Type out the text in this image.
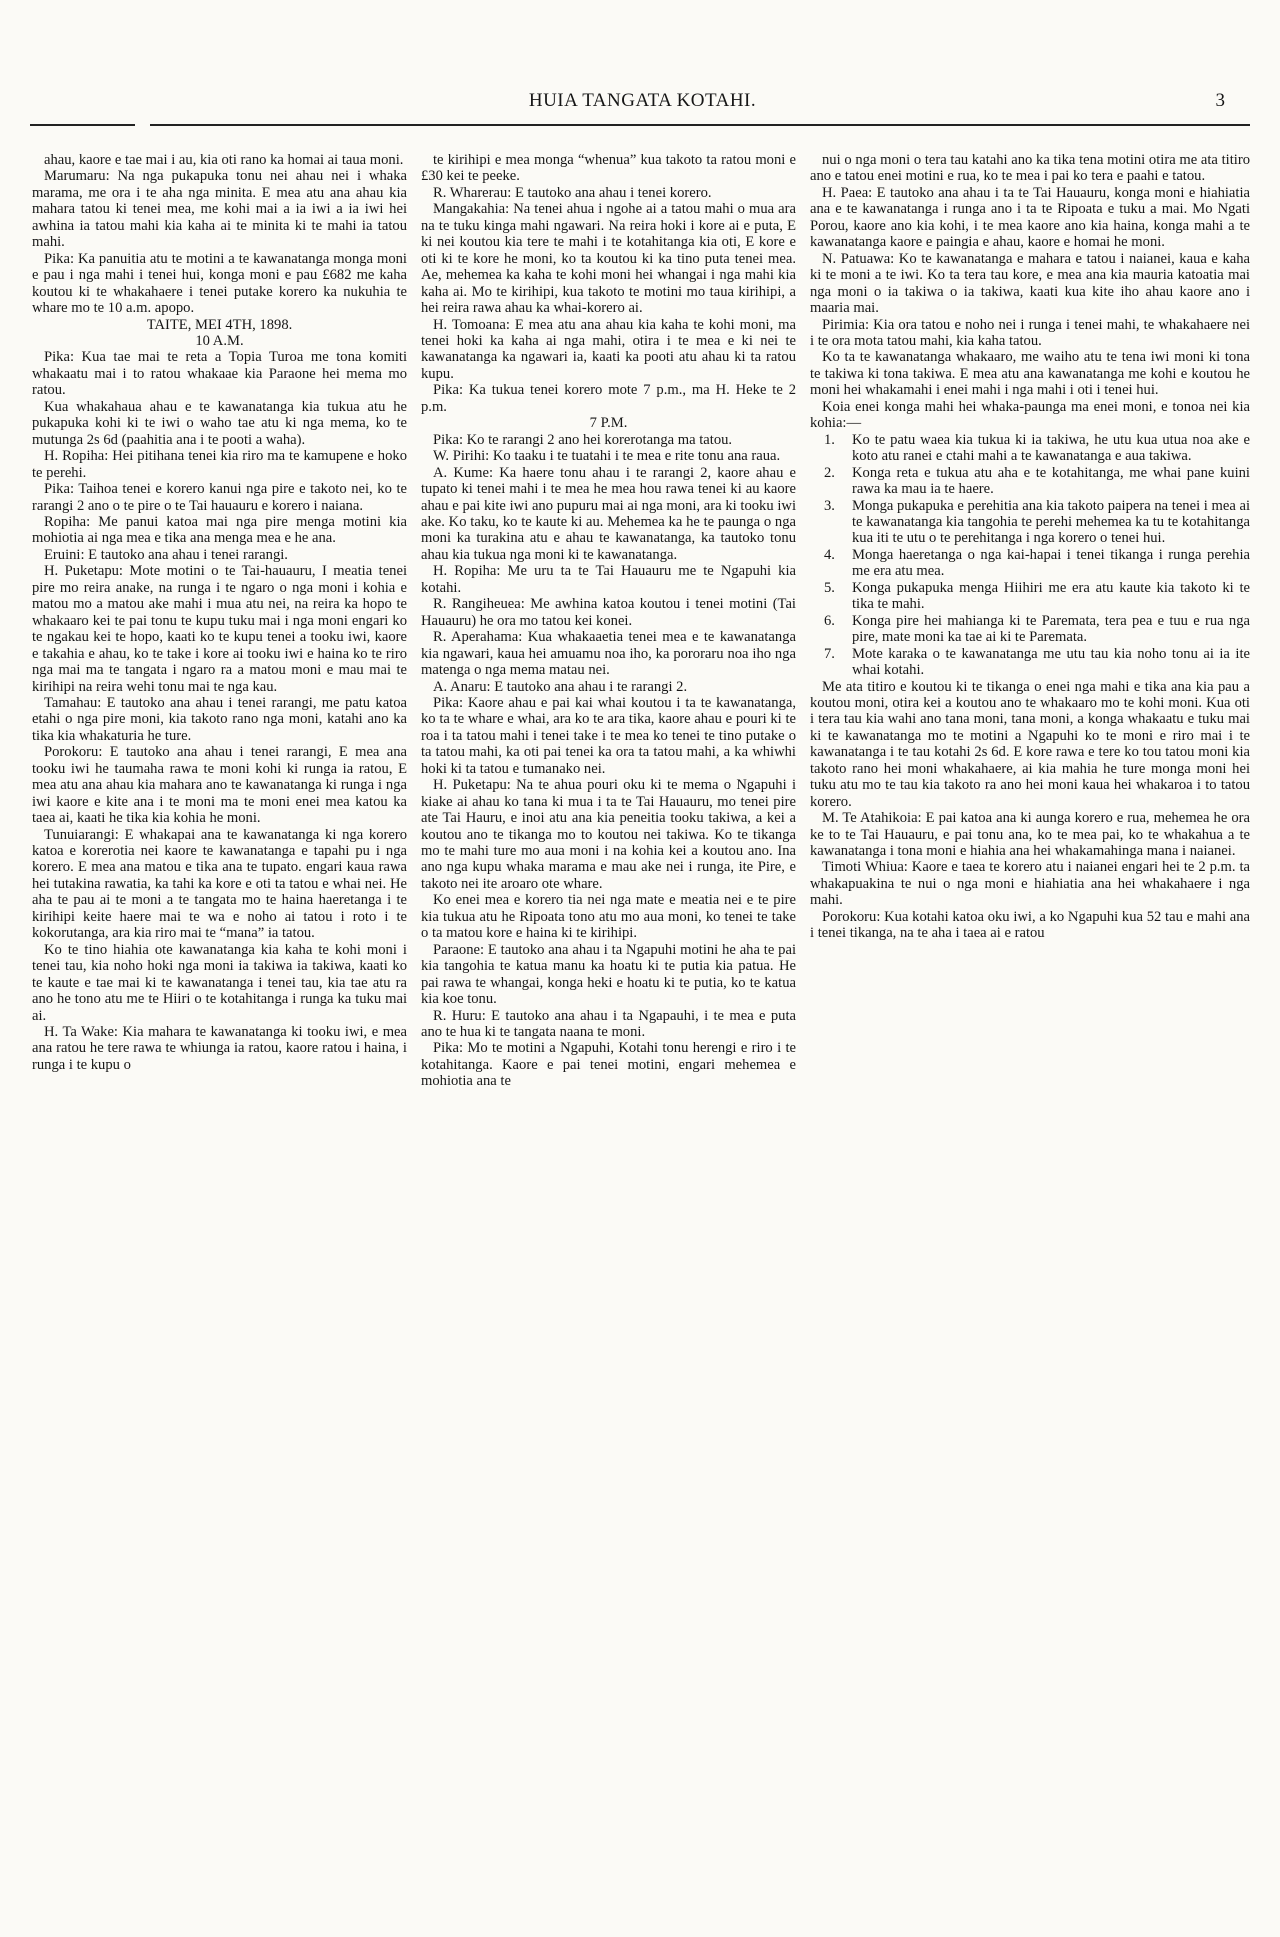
HUIA TANGATA KOTAHI.	3

ahau, kaore e tae mai i au, kia oti rano ka homai ai taua moni.

Marumaru: Na nga pukapuka tonu nei ahau nei i whaka marama, me ora i te aha nga minita. E mea atu ana ahau kia mahara tatou ki tenei mea, me kohi mai a ia iwi a ia iwi hei awhina ia tatou mahi kia kaha ai te minita ki te mahi ia tatou mahi.

Pika: Ka panuitia atu te motini a te kawanatanga monga moni e pau i nga mahi i tenei hui, konga moni e pau £682 me kaha koutou ki te whakahaere i tenei putake korero ka nukuhia te whare mo te 10 a.m. apopo.

TAITE, MEI 4TH, 1898.

10 A.M.

Pika: Kua tae mai te reta a Topia Turoa me tona komiti whakaatu mai i to ratou whakaae kia Paraone hei mema mo ratou.

Kua whakahaua ahau e te kawanatanga kia tukua atu he pukapuka kohi ki te iwi o waho tae atu ki nga mema, ko te mutunga 2s 6d (paahitia ana i te pooti a waha).

H. Ropiha: Hei pitihana tenei kia riro ma te kamupene e hoko te perehi.

Pika: Taihoa tenei e korero kanui nga pire e takoto nei, ko te rarangi 2 ano o te pire o te Tai hauauru e korero i naiana.

Ropiha: Me panui katoa mai nga pire menga motini kia mohiotia ai nga mea e tika ana menga mea e he ana.

Eruini: E tautoko ana ahau i tenei rarangi.

H. Puketapu: Mote motini o te Tai-hauauru, I meatia tenei pire mo reira anake, na runga i te ngaro o nga moni i kohia e matou mo a matou ake mahi i mua atu nei, na reira ka hopo te whakaaro kei te pai tonu te kupu tuku mai i nga moni engari ko te ngakau kei te hopo, kaati ko te kupu tenei a tooku iwi, kaore e takahia e ahau, ko te take i kore ai tooku iwi e haina ko te riro nga mai ma te tangata i ngaro ra a matou moni e mau mai te kirihipi na reira wehi tonu mai te nga kau.

Tamahau: E tautoko ana ahau i tenei rarangi, me patu katoa etahi o nga pire moni, kia takoto rano nga moni, katahi ano ka tika kia whakaturia he ture.

Porokoru: E tautoko ana ahau i tenei rarangi, E mea ana tooku iwi he taumaha rawa te moni kohi ki runga ia ratou, E mea atu ana ahau kia mahara ano te kawanatanga ki runga i nga iwi kaore e kite ana i te moni ma te moni enei mea katou ka taea ai, kaati he tika kia kohia he moni.

Tunuiarangi: E whakapai ana te kawanatanga ki nga korero katoa e korerotia nei kaore te kawanatanga e tapahi pu i nga korero. E mea ana matou e tika ana te tupato. engari kaua rawa hei tutakina rawatia, ka tahi ka kore e oti ta tatou e whai nei. He aha te pau ai te moni a te tangata mo te haina haeretanga i te kirihipi keite haere mai te wa e noho ai tatou i roto i te kokorutanga, ara kia riro mai te “mana” ia tatou.

Ko te tino hiahia ote kawanatanga kia kaha te kohi moni i tenei tau, kia noho hoki nga moni ia takiwa ia takiwa, kaati ko te kaute e tae mai ki te kawanatanga i tenei tau, kia tae atu ra ano he tono atu me te Hiiri o te kotahitanga i runga ka tuku mai ai.

H. Ta Wake: Kia mahara te kawanatanga ki tooku iwi, e mea ana ratou he tere rawa te whiunga ia ratou, kaore ratou i haina, i runga i te kupu o

te kirihipi e mea monga “whenua” kua takoto ta ratou moni e £30 kei te peeke.

R. Wharerau: E tautoko ana ahau i tenei korero.

Mangakahia: Na tenei ahua i ngohe ai a tatou mahi o mua ara na te tuku kinga mahi ngawari. Na reira hoki i kore ai e puta, E ki nei koutou kia tere te mahi i te kotahitanga kia oti, E kore e oti ki te kore he moni, ko ta koutou ki ka tino puta tenei mea. Ae, mehemea ka kaha te kohi moni hei whangai i nga mahi kia kaha ai. Mo te kirihipi, kua takoto te motini mo taua kirihipi, a hei reira rawa ahau ka whai-korero ai.

H. Tomoana: E mea atu ana ahau kia kaha te kohi moni, ma tenei hoki ka kaha ai nga mahi, otira i te mea e ki nei te kawanatanga ka ngawari ia, kaati ka pooti atu ahau ki ta ratou kupu.

Pika: Ka tukua tenei korero mote 7 p.m., ma H. Heke te 2 p.m.

7 P.M.

Pika: Ko te rarangi 2 ano hei korerotanga ma tatou.

W. Pirihi: Ko taaku i te tuatahi i te mea e rite tonu ana raua.

A. Kume: Ka haere tonu ahau i te rarangi 2, kaore ahau e tupato ki tenei mahi i te mea he mea hou rawa tenei ki au kaore ahau e pai kite iwi ano pupuru mai ai nga moni, ara ki tooku iwi ake. Ko taku, ko te kaute ki au. Mehemea ka he te paunga o nga moni ka turakina atu e ahau te kawanatanga, ka tautoko tonu ahau kia tukua nga moni ki te kawanatanga.

H. Ropiha: Me uru ta te Tai Hauauru me te Ngapuhi kia kotahi.

R. Rangiheuea: Me awhina katoa koutou i tenei motini (Tai Hauauru) he ora mo tatou kei konei.

R. Aperahama: Kua whakaaetia tenei mea e te kawanatanga kia ngawari, kaua hei amuamu noa iho, ka pororaru noa iho nga matenga o nga mema matau nei.

A. Anaru: E tautoko ana ahau i te rarangi 2.

Pika: Kaore ahau e pai kai whai koutou i ta te kawanatanga, ko ta te whare e whai, ara ko te ara tika, kaore ahau e pouri ki te roa i ta tatou mahi i tenei take i te mea ko tenei te tino putake o ta tatou mahi, ka oti pai tenei ka ora ta tatou mahi, a ka whiwhi hoki ki ta tatou e tumanako nei.

H. Puketapu: Na te ahua pouri oku ki te mema o Ngapuhi i kiake ai ahau ko tana ki mua i ta te Tai Hauauru, mo tenei pire ate Tai Hauru, e inoi atu ana kia peneitia tooku takiwa, a kei a koutou ano te tikanga mo to koutou nei takiwa. Ko te tikanga mo te mahi ture mo aua moni i na kohia kei a koutou ano. Ina ano nga kupu whaka marama e mau ake nei i runga, ite Pire, e takoto nei ite aroaro ote whare.

Ko enei mea e korero tia nei nga mate e meatia nei e te pire kia tukua atu he Ripoata tono atu mo aua moni, ko tenei te take o ta matou kore e haina ki te kirihipi.

Paraone: E tautoko ana ahau i ta Ngapuhi motini he aha te pai kia tangohia te katua manu ka hoatu ki te putia kia patua. He pai rawa te whangai, konga heki e hoatu ki te putia, ko te katua kia koe tonu.

R. Huru: E tautoko ana ahau i ta Ngapauhi, i te mea e puta ano te hua ki te tangata naana te moni.

Pika: Mo te motini a Ngapuhi, Kotahi tonu herengi e riro i te kotahitanga. Kaore e pai tenei motini, engari mehemea e mohiotia ana te

nui o nga moni o tera tau katahi ano ka tika tena motini otira me ata titiro ano e tatou enei motini e rua, ko te mea i pai ko tera e paahi e tatou.

H. Paea: E tautoko ana ahau i ta te Tai Hauauru, konga moni e hiahiatia ana e te kawanatanga i runga ano i ta te Ripoata e tuku a mai. Mo Ngati Porou, kaore ano kia kohi, i te mea kaore ano kia haina, konga mahi a te kawanatanga kaore e paingia e ahau, kaore e homai he moni.

N. Patuawa: Ko te kawanatanga e mahara e tatou i naianei, kaua e kaha ki te moni a te iwi. Ko ta tera tau kore, e mea ana kia mauria katoatia mai nga moni o ia takiwa o ia takiwa, kaati kua kite iho ahau kaore ano i maaria mai.

Pirimia: Kia ora tatou e noho nei i runga i tenei mahi, te whakahaere nei i te ora mota tatou mahi, kia kaha tatou.

Ko ta te kawanatanga whakaaro, me waiho atu te tena iwi moni ki tona te takiwa ki tona takiwa. E mea atu ana kawanatanga me kohi e koutou he moni hei whakamahi i enei mahi i nga mahi i oti i tenei hui.

Koia enei konga mahi hei whaka-paunga ma enei moni, e tonoa nei kia kohia:—

1. Ko te patu waea kia tukua ki ia takiwa, he utu kua utua noa ake e koto atu ranei e ctahi mahi a te kawanatanga e aua takiwa.

2. Konga reta e tukua atu aha e te kotahitanga, me whai pane kuini rawa ka mau ia te haere.

3. Monga pukapuka e perehitia ana kia takoto paipera na tenei i mea ai te kawanatanga kia tangohia te perehi mehemea ka tu te kotahitanga kua iti te utu o te perehitanga i nga korero o tenei hui.

4. Monga haeretanga o nga kai-hapai i tenei tikanga i runga perehia me era atu mea.

5. Konga pukapuka menga Hiihiri me era atu kaute kia takoto ki te tika te mahi.

6. Konga pire hei mahianga ki te Paremata, tera pea e tuu e rua nga pire, mate moni ka tae ai ki te Paremata.

7. Mote karaka o te kawanatanga me utu tau kia noho tonu ai ia ite whai kotahi.

Me ata titiro e koutou ki te tikanga o enei nga mahi e tika ana kia pau a koutou moni, otira kei a koutou ano te whakaaro mo te kohi moni. Kua oti i tera tau kia wahi ano tana moni, tana moni, a konga whakaatu e tuku mai ki te kawanatanga mo te motini a Ngapuhi ko te moni e riro mai i te kawanatanga i te tau kotahi 2s 6d. E kore rawa e tere ko tou tatou moni kia takoto rano hei moni whakahaere, ai kia mahia he ture monga moni hei tuku atu mo te tau kia takoto ra ano hei moni kaua hei whakaroa i to tatou korero.

M. Te Atahikoia: E pai katoa ana ki aunga korero e rua, mehemea he ora ke to te Tai Hauauru, e pai tonu ana, ko te mea pai, ko te whakahua a te kawanatanga i tona moni e hiahia ana hei whakamahinga mana i naianei.

Timoti Whiua: Kaore e taea te korero atu i naianei engari hei te 2 p.m. ta whakapuakina te nui o nga moni e hiahiatia ana hei whakahaere i nga mahi.

Porokoru: Kua kotahi katoa oku iwi, a ko Ngapuhi kua 52 tau e mahi ana i tenei tikanga, na te aha i taea ai e ratou
